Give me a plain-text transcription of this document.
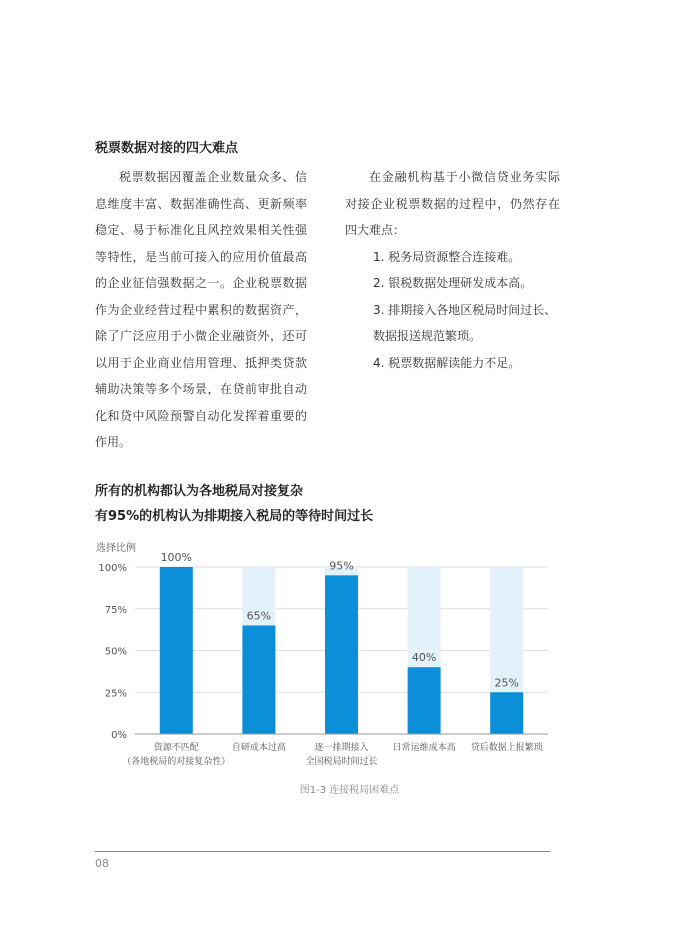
税票数据对接的四大难点

税票数据因覆盖企业数量众多、信息维度丰富、数据准确性高、更新频率稳定、易于标准化且风控效果相关性强等特性，是当前可接入的应用价值最高的企业征信强数据之一。企业税票数据作为企业经营过程中累积的数据资产，除了广泛应用于小微企业融资外，还可以用于企业商业信用管理、抵押类贷款辅助决策等多个场景，在贷前审批自动化和贷中风险预警自动化发挥着重要的作用。

在金融机构基于小微信贷业务实际对接企业税票数据的过程中，仍然存在四大难点：

1. 税务局资源整合连接难。
2. 银税数据处理研发成本高。
3. 排期接入各地区税局时间过长、
数据报送规范繁琐。
4. 税票数据解读能力不足。
所有的机构都认为各地税局对接复杂
有95%的机构认为排期接入税局的等待时间过长
选择比例
100%
75%
50%
25%
0%
100%
资源不匹配
（各地税局的对接复杂性）
65%
自研成本过高
95%
逐一排期接入
全国税局时间过长
40%
日常运维成本高
25%
贷后数据上报繁琐

图1-3 连接税局困难点

08
